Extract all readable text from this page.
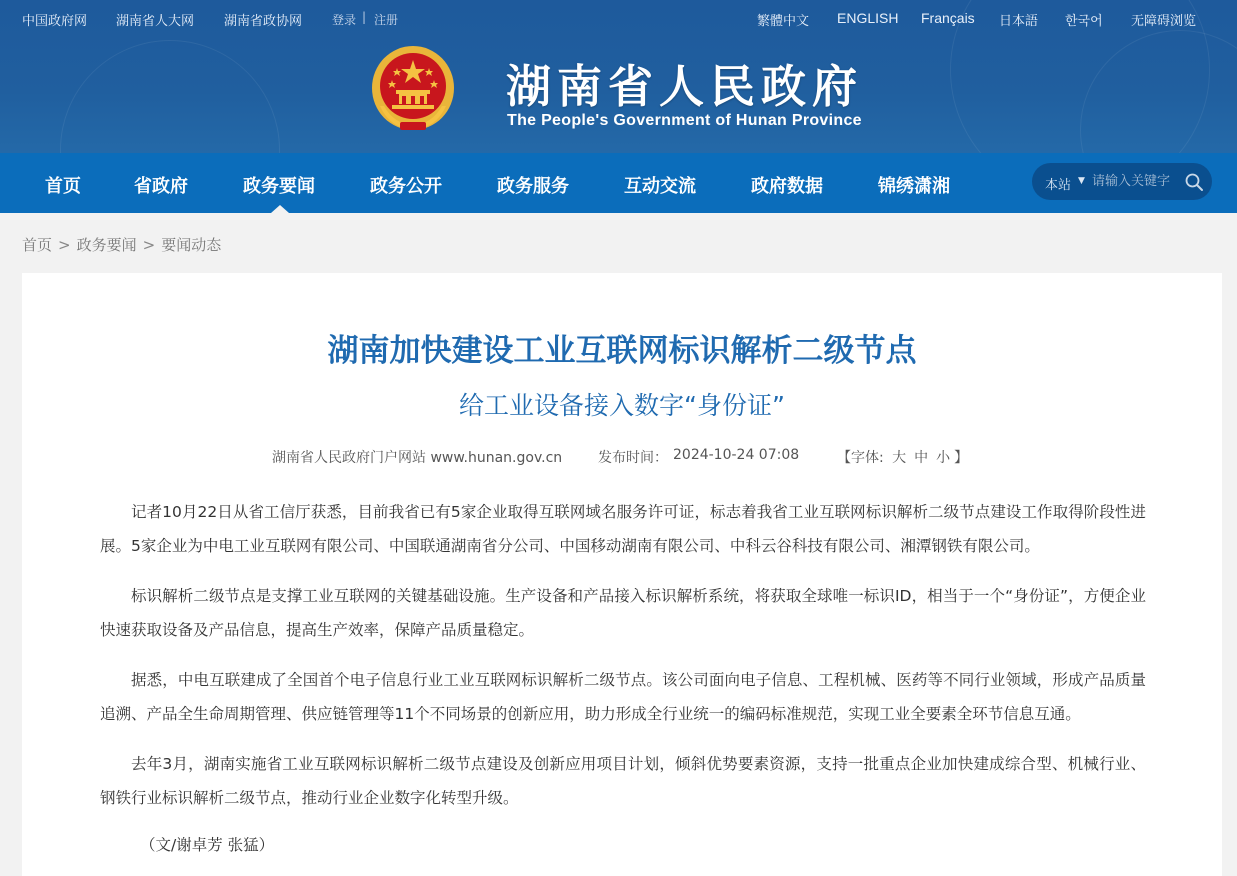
中国政府网 湖南省人大网 湖南省政协网 登录 | 注册	繁體中文 ENGLISH Français 日本語 한국어 无障碍浏览
湖南省人民政府
The People's Government of Hunan Province
首页	省政府	政务要闻	政务公开	政务服务	互动交流	政府数据	锦绣潇湘	本站 ▼
请输入关键字
首页 > 政务要闻 > 要闻动态
湖南加快建设工业互联网标识解析二级节点
给工业设备接入数字“身份证”
湖南省人民政府门户网站 www.hunan.gov.cn	发布时间： 2024-10-24 07:08	【字体: 大 中 小 】

记者10月22日从省工信厅获悉，目前我省已有5家企业取得互联网域名服务许可证，标志着我省工业互联网标识解析二级节点建设工作取得阶段性进展。5家企业为中电工业互联网有限公司、中国联通湖南省分公司、中国移动湖南有限公司、中科云谷科技有限公司、湘潭钢铁有限公司。

标识解析二级节点是支撑工业互联网的关键基础设施。生产设备和产品接入标识解析系统，将获取全球唯一标识ID，相当于一个“身份证”，方便企业快速获取设备及产品信息，提高生产效率，保障产品质量稳定。

据悉，中电互联建成了全国首个电子信息行业工业互联网标识解析二级节点。该公司面向电子信息、工程机械、医药等不同行业领域，形成产品质量追溯、产品全生命周期管理、供应链管理等11个不同场景的创新应用，助力形成全行业统一的编码标准规范，实现工业全要素全环节信息互通。

去年3月，湖南实施省工业互联网标识解析二级节点建设及创新应用项目计划，倾斜优势要素资源，支持一批重点企业加快建成综合型、机械行业、钢铁行业标识解析二级节点，推动行业企业数字化转型升级。

（文/谢卓芳 张猛）
